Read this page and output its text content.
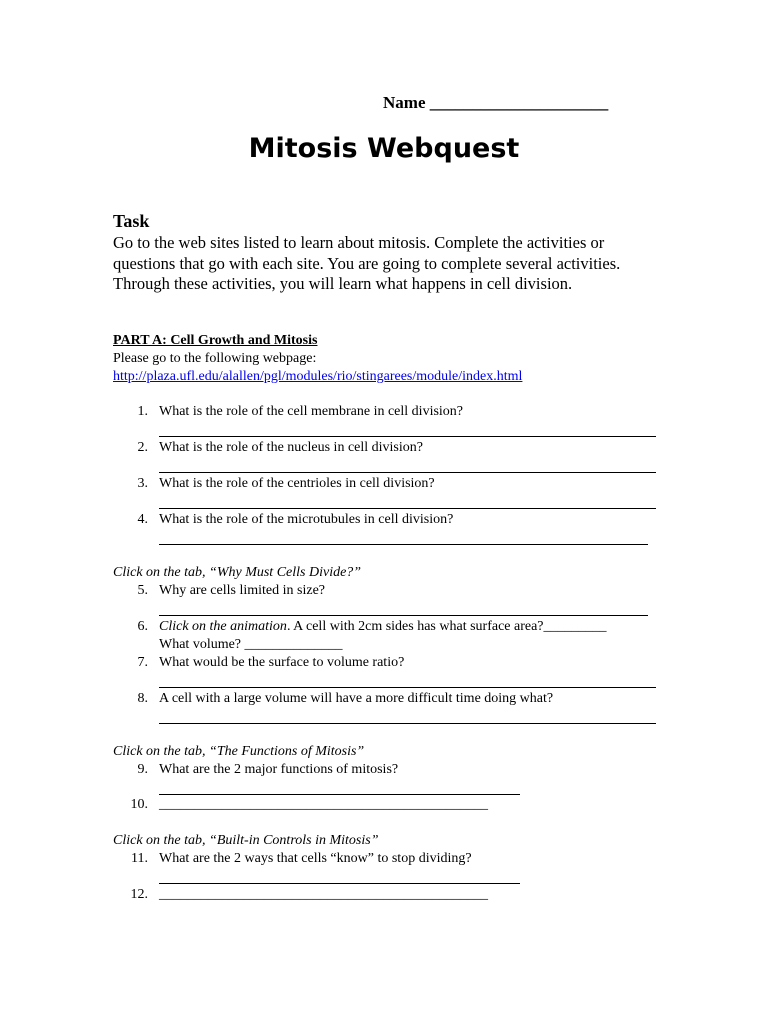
Name _____________________
Mitosis Webquest
Task

Go to the web sites listed to learn about mitosis. Complete the activities or questions that go with each site. You are going to complete several activities.

Through these activities, you will learn what happens in cell division.

PART A: Cell Growth and Mitosis
Please go to the following webpage:
http://plaza.ufl.edu/alallen/pgl/modules/rio/stingarees/module/index.html
1. What is the role of the cell membrane in cell division?
2. What is the role of the nucleus in cell division?
3. What is the role of the centrioles in cell division?
4. What is the role of the microtubules in cell division?
Click on the tab, “Why Must Cells Divide?”
5. Why are cells limited in size?
6. Click on the animation. A cell with 2cm sides has what surface area?_________
What volume? ______________
7. What would be the surface to volume ratio?
8. A cell with a large volume will have a more difficult time doing what?
Click on the tab, “The Functions of Mitosis”
9. What are the 2 major functions of mitosis?
10. _______________________________________________
Click on the tab, “Built-in Controls in Mitosis”
11. What are the 2 ways that cells “know” to stop dividing?
12. _______________________________________________
